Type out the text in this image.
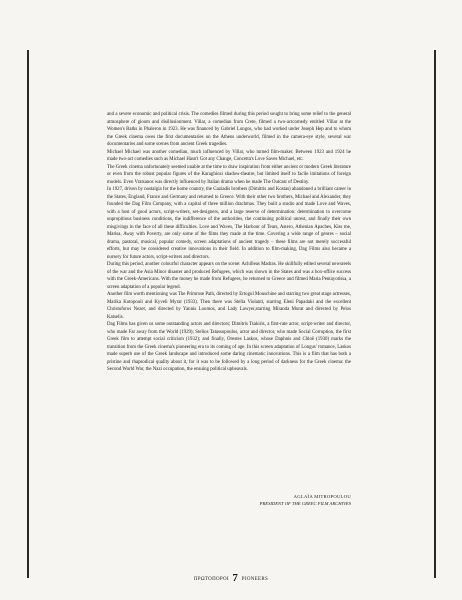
and a severe economic and political crisis. The comedies filmed during this period sought to bring some relief to the general atmosphere of gloom and disillusionment. Villar, a comedian from Crete, filmed a two-actcomedy entitled Villar at the Women's Baths in Phaleron in 1923. He was financed by Gabriel Longos, who had worked under Joseph Hep and to whom the Greek cinema owes the first documentaries on the Athens underworld, filmed in the camera-eye style, several war documentaries and some scenes from ancient Greek tragedies.

Michael Michael was another comedian, much influenced by Villar, who turned film-maker. Between 1923 and 1924 he made two-act comedies such as Michael Hasn't Got any Change, Concetta's Love Saves Michael, etc.

The Greek cinema unfortunately seemed unable at the time to draw inspiration from either ancient or modern Greek literature or even from the robust popular figures of the Karaghiozi shadow-theatre, but limited itself to facile imitations of foreign models. Even Vratsanos was directly influenced by Italian drama when he made The Outcast of Destiny.

In 1927, driven by nostalgia for the home country, the Gaziadis brothers (Dimitris and Kostas) abandoned a brilliant career in the States, England, France and Germany and returned to Greece. With their other two brothers, Michael and Alexander, they founded the Dag Film Company, with a capital of three million drachmas. They built a studio and made Love and Waves, with a host of good actors, script-writers, set-designers, and a large reserve of determination: determination to overcome unpropitious business conditions, the indifference of the authorities, the continuing political unrest, and finally their own misgivings in the face of all these difficulties. Love and Waves, The Harbour of Tears, Astero, Athenian Apaches, Kiss me, Marisa, Away with Poverty, are only some of the films they made at the time. Covering a wide range of genres – social drama, pastoral, musical, popular comedy, screen adaptations of ancient tragedy – these films are not merely successful efforts, but may be considered creative innovations in their field. In addition to film-making, Dag Films also became a nursery for future actors, script-writers and directors.

During this period, another colourful character appears on the scene: Achilleas Madras. He skillfully edited several newsreels of the war and the Asia Minor disaster and produced Refugees, which was shown in the States and was a box-office success with the Greek-Americans. With the money he made from Refugees, he returned to Greece and filmed Maria Pentayotissa, a screen adaptation of a popular legend.

Another film worth mentioning was The Primrose Path, directed by Ertogul Mouschine and starring two great stage actresses, Marika Kotopouli and Kyveli Myrat (1933). Then there was Stella Violanti, starring Eleni Papadaki and the excellent Christoforos Nezer, and directed by Yannis Loumos, and Lady Lawyer,starring Miranda Murat and directed by Pelos Katselis.

Dag Films has given us some outstanding actors and directors; Dimitris Tsakiris, a first-rate actor, script-writer and director, who made Far away from the World (1929); Stelios Tatassopoulos, actor and director, who made Social Corruption, the first Greek film to attempt social criticism (1932); and finally, Orestes Laskos, whose Daphnis and Chloë (1930) marks the transition from the Greek cinema's pioneering era to its coming of age. In this screen adaptation of Longus' romance, Laskos made superb use of the Greek landscape and introduced some daring cinematic innovations. This is a film that has both a pristine and rhapsodical quality about it, for it was to be followed by a long period of darkness for the Greek cinema: the Second World War, the Nazi occupation, the ensuing political upheavals.

AGLAÏA MITROPOULOU
PRESIDENT OF THE GREEC FILM ARCHIVES
ΠΡΩΤΟΠΟΡΟΙ 7 PIONEERS
